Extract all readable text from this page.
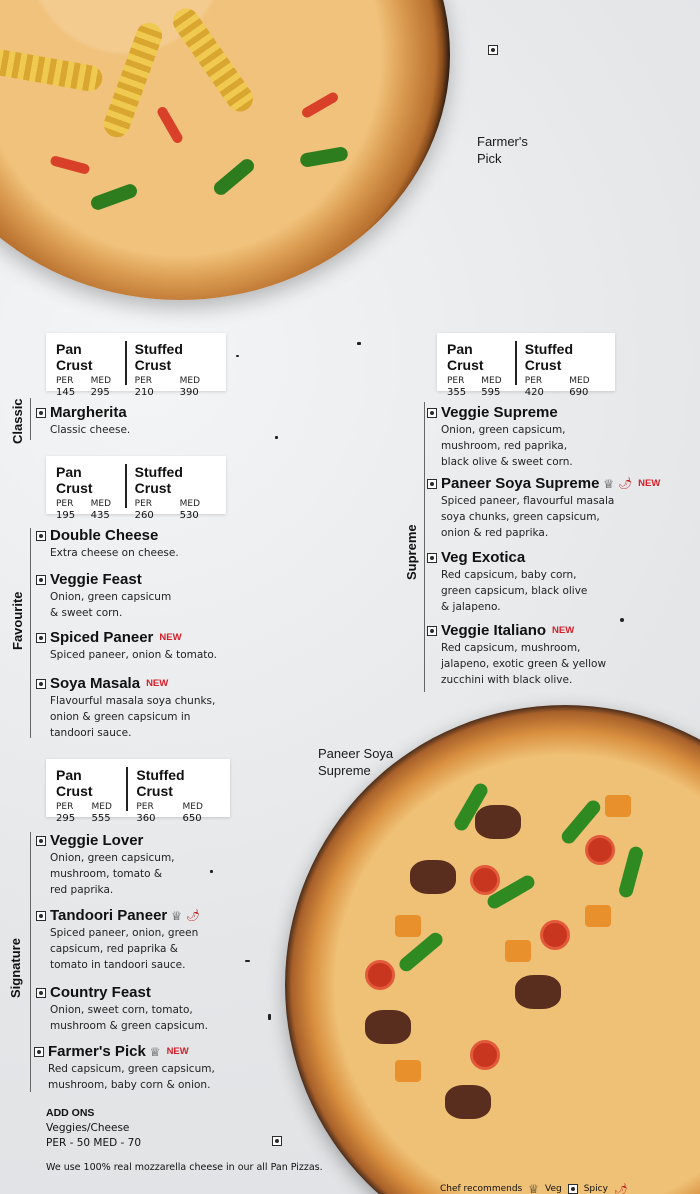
Farmer's
Pick
Paneer Soya
Supreme
Pan Crust
PER	MED
145	295
Stuffed Crust
PER	MED
210	390
Pan Crust
PER	MED
195	435
Stuffed Crust
PER	MED
260	530
Pan Crust
PER	MED
295	555
Stuffed Crust
PER	MED
360	650
Pan Crust
PER	MED
355	595
Stuffed Crust
PER	MED
420	690
Classic
Favourite
Signature
Supreme
Margherita
Classic cheese.
Double Cheese
Extra cheese on cheese.
Veggie Feast
Onion, green capsicum
& sweet corn.
Spiced Paneer NEW
Spiced paneer, onion & tomato.
Soya Masala NEW
Flavourful masala soya chunks,
onion & green capsicum in
tandoori sauce.
Veggie Lover
Onion, green capsicum,
mushroom, tomato &
red paprika.
Tandoori Paneer ♕ 🌶
Spiced paneer, onion, green
capsicum, red paprika &
tomato in tandoori sauce.
Country Feast
Onion, sweet corn, tomato,
mushroom & green capsicum.
Farmer's Pick ♕ NEW
Red capsicum, green capsicum,
mushroom, baby corn & onion.
Veggie Supreme
Onion, green capsicum,
mushroom, red paprika,
black olive & sweet corn.
Paneer Soya Supreme ♕ 🌶 NEW
Spiced paneer, flavourful masala
soya chunks, green capsicum,
onion & red paprika.
Veg Exotica
Red capsicum, baby corn,
green capsicum, black olive
& jalapeno.
Veggie Italiano NEW
Red capsicum, mushroom,
jalapeno, exotic green & yellow
zucchini with black olive.
ADD ONS
Veggies/Cheese
PER - 50 MED - 70
We use 100% real mozzarella cheese in our all Pan Pizzas.
Chef recommends ♕ Veg Spicy 🌶
